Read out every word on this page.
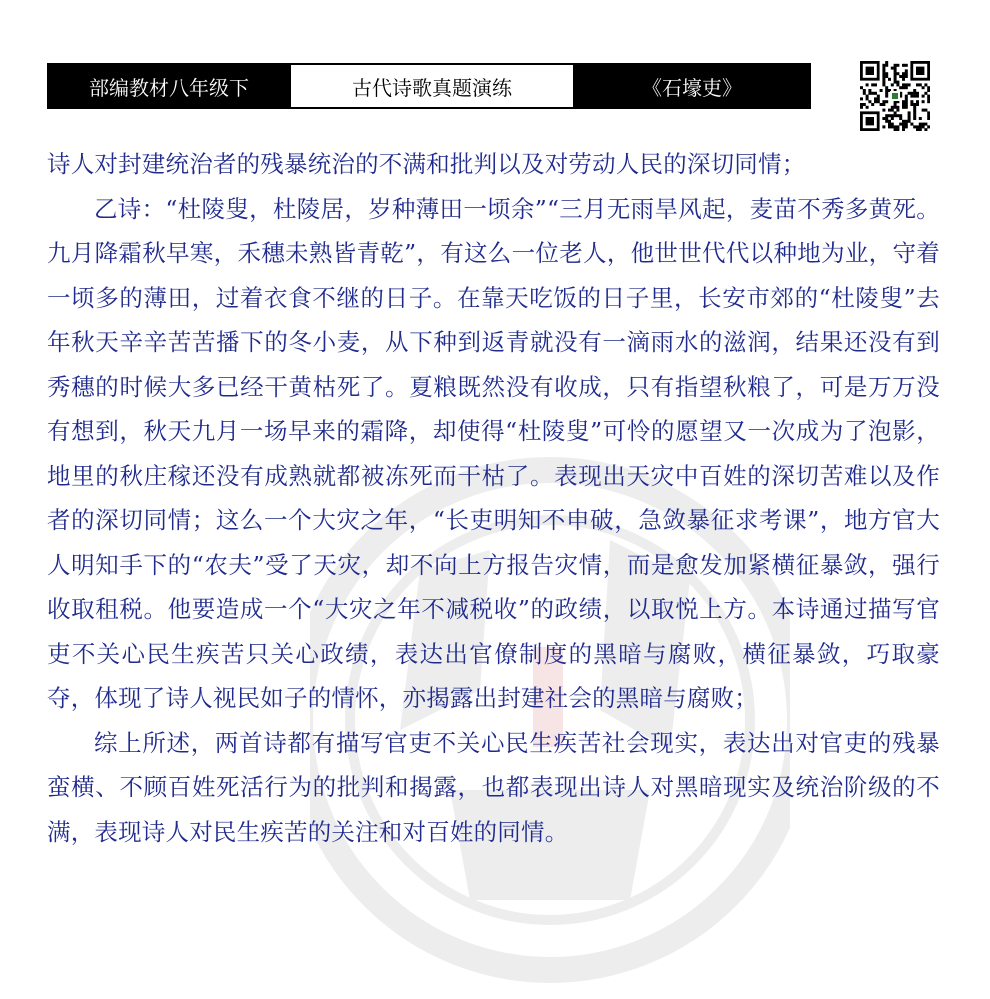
部编教材八年级下	古代诗歌真题演练	《石壕吏》

诗人对封建统治者的残暴统治的不满和批判以及对劳动人民的深切同情；

乙诗：“杜陵叟，杜陵居，岁种薄田一顷余”“三月无雨旱风起，麦苗不秀多黄死。九月降霜秋早寒，禾穗未熟皆青乾”，有这么一位老人，他世世代代以种地为业，守着一顷多的薄田，过着衣食不继的日子。在靠天吃饭的日子里，长安市郊的“杜陵叟”去年秋天辛辛苦苦播下的冬小麦，从下种到返青就没有一滴雨水的滋润，结果还没有到秀穗的时候大多已经干黄枯死了。夏粮既然没有收成，只有指望秋粮了，可是万万没有想到，秋天九月一场早来的霜降，却使得“杜陵叟”可怜的愿望又一次成为了泡影，地里的秋庄稼还没有成熟就都被冻死而干枯了。表现出天灾中百姓的深切苦难以及作者的深切同情；这么一个大灾之年，“长吏明知不申破，急敛暴征求考课”，地方官大人明知手下的“农夫”受了天灾，却不向上方报告灾情，而是愈发加紧横征暴敛，强行收取租税。他要造成一个“大灾之年不减税收”的政绩，以取悦上方。本诗通过描写官吏不关心民生疾苦只关心政绩，表达出官僚制度的黑暗与腐败，横征暴敛，巧取豪夺，体现了诗人视民如子的情怀，亦揭露出封建社会的黑暗与腐败；

综上所述，两首诗都有描写官吏不关心民生疾苦社会现实，表达出对官吏的残暴蛮横、不顾百姓死活行为的批判和揭露，也都表现出诗人对黑暗现实及统治阶级的不满，表现诗人对民生疾苦的关注和对百姓的同情。
